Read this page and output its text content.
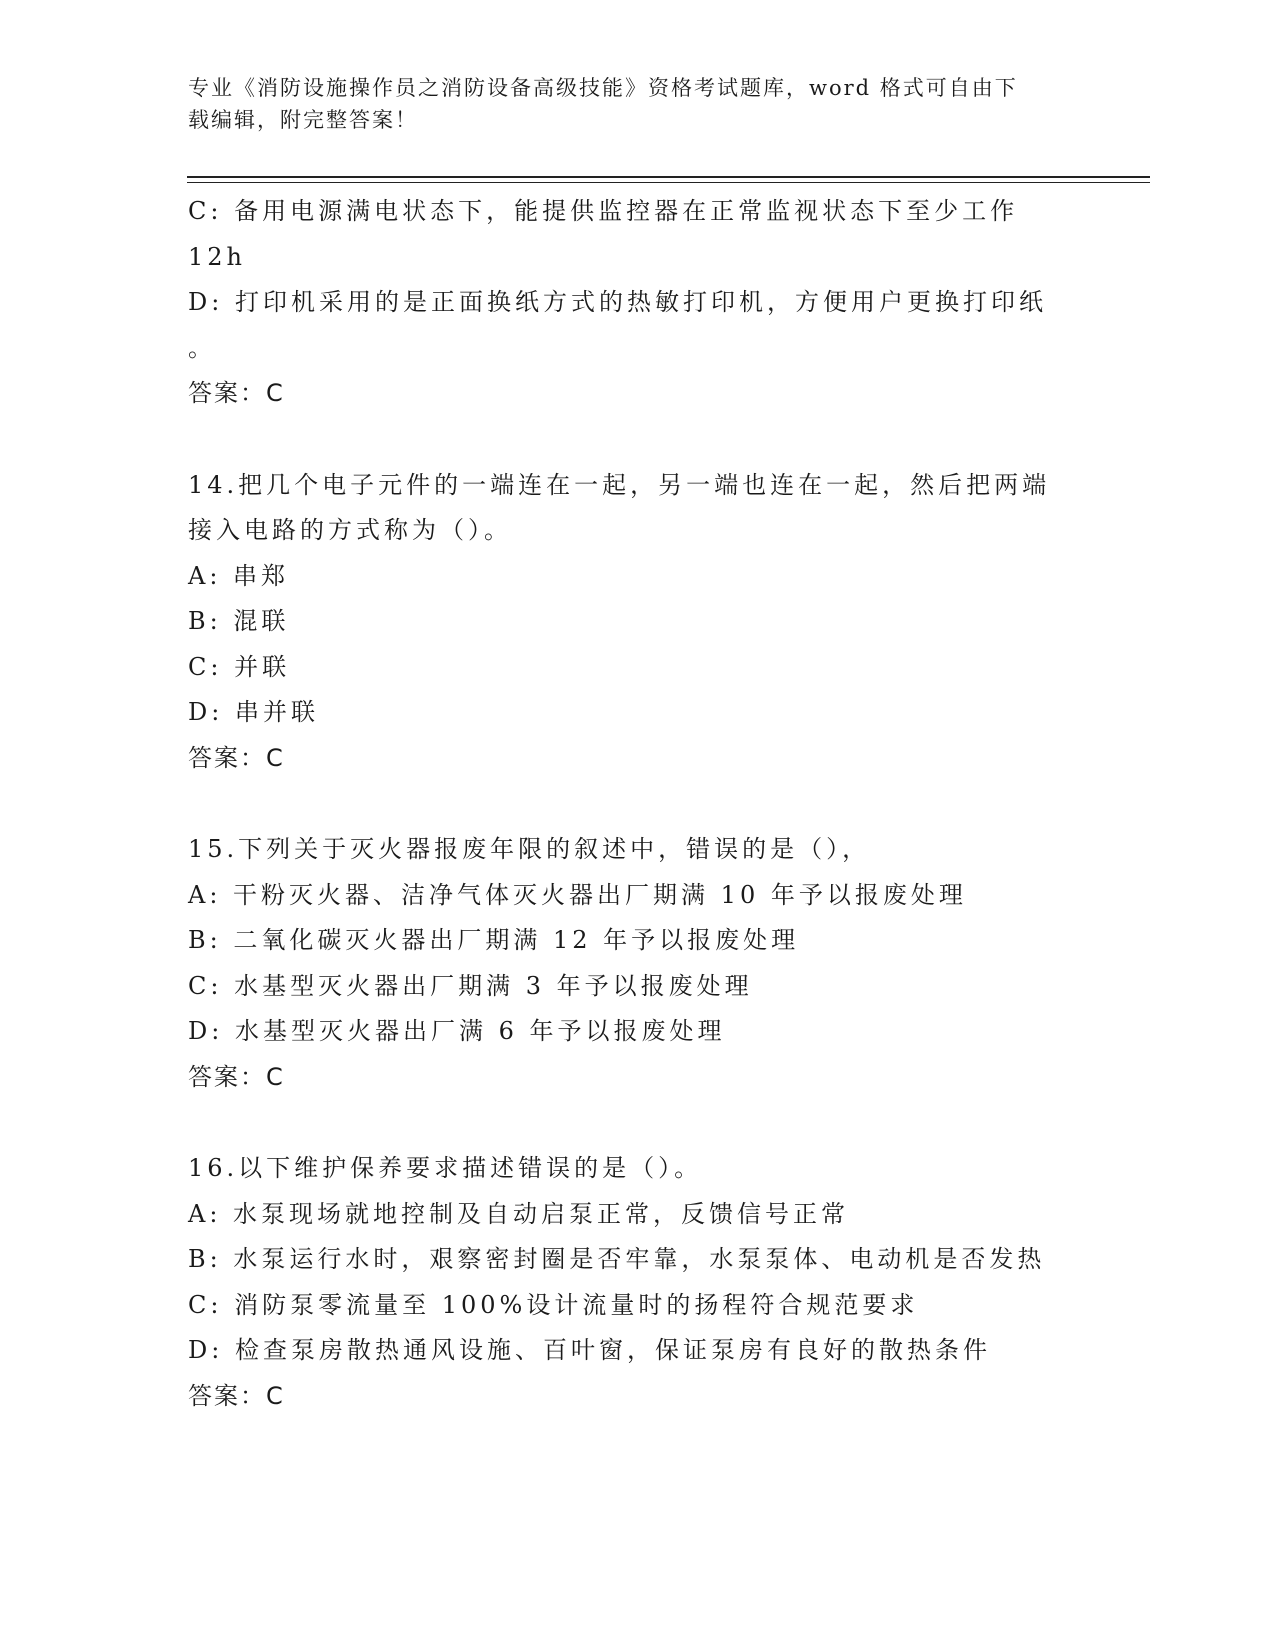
专业《消防设施操作员之消防设备高级技能》资格考试题库，word 格式可自由下
载编辑，附完整答案！
C: 备用电源满电状态下，能提供监控器在正常监视状态下至少工作
12h
D: 打印机采用的是正面换纸方式的热敏打印机，方便用户更换打印纸
。
答案：C
14.把几个电子元件的一端连在一起，另一端也连在一起，然后把两端
接入电路的方式称为（）。
A: 串郑
B: 混联
C: 并联
D: 串并联
答案：C
15.下列关于灭火器报废年限的叙述中，错误的是（），
A: 干粉灭火器、洁净气体灭火器出厂期满 10 年予以报废处理
B: 二氧化碳灭火器出厂期满 12 年予以报废处理
C: 水基型灭火器出厂期满 3 年予以报废处理
D: 水基型灭火器出厂满 6 年予以报废处理
答案：C
16.以下维护保养要求描述错误的是（）。
A: 水泵现场就地控制及自动启泵正常，反馈信号正常
B: 水泵运行水时，艰察密封圈是否牢靠，水泵泵体、电动机是否发热
C: 消防泵零流量至 100%设计流量时的扬程符合规范要求
D: 检查泵房散热通风设施、百叶窗，保证泵房有良好的散热条件
答案：C
